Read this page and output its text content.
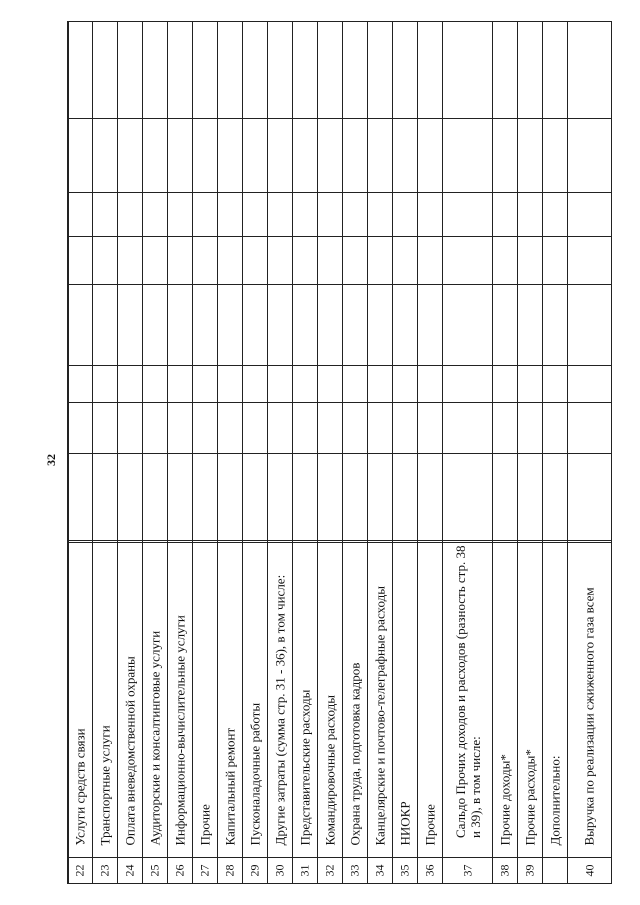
32
Услуги средств связи
22
Транспортные услуги
23
Оплата вневедомственной охраны
24
Аудиторские и консалтинговые услуги
25
Информационно-вычислительные услуги
26
Прочие
27
Капитальный ремонт
28
Пусконаладочные работы
29
Другие затраты (сумма стр. 31 - 36), в том числе:
30
Представительские расходы
31
Командировочные расходы
32
Охрана труда, подготовка кадров
33
Канцелярские и почтово-телеграфные расходы
34
НИОКР
35
Прочие
36
Сальдо Прочих доходов и расходов (разность стр. 38 и 39), в том числе:
37
Прочие доходы*
38
Прочие расходы*
39
Дополнительно: Выручка по реализации сжиженного газа всем
40
